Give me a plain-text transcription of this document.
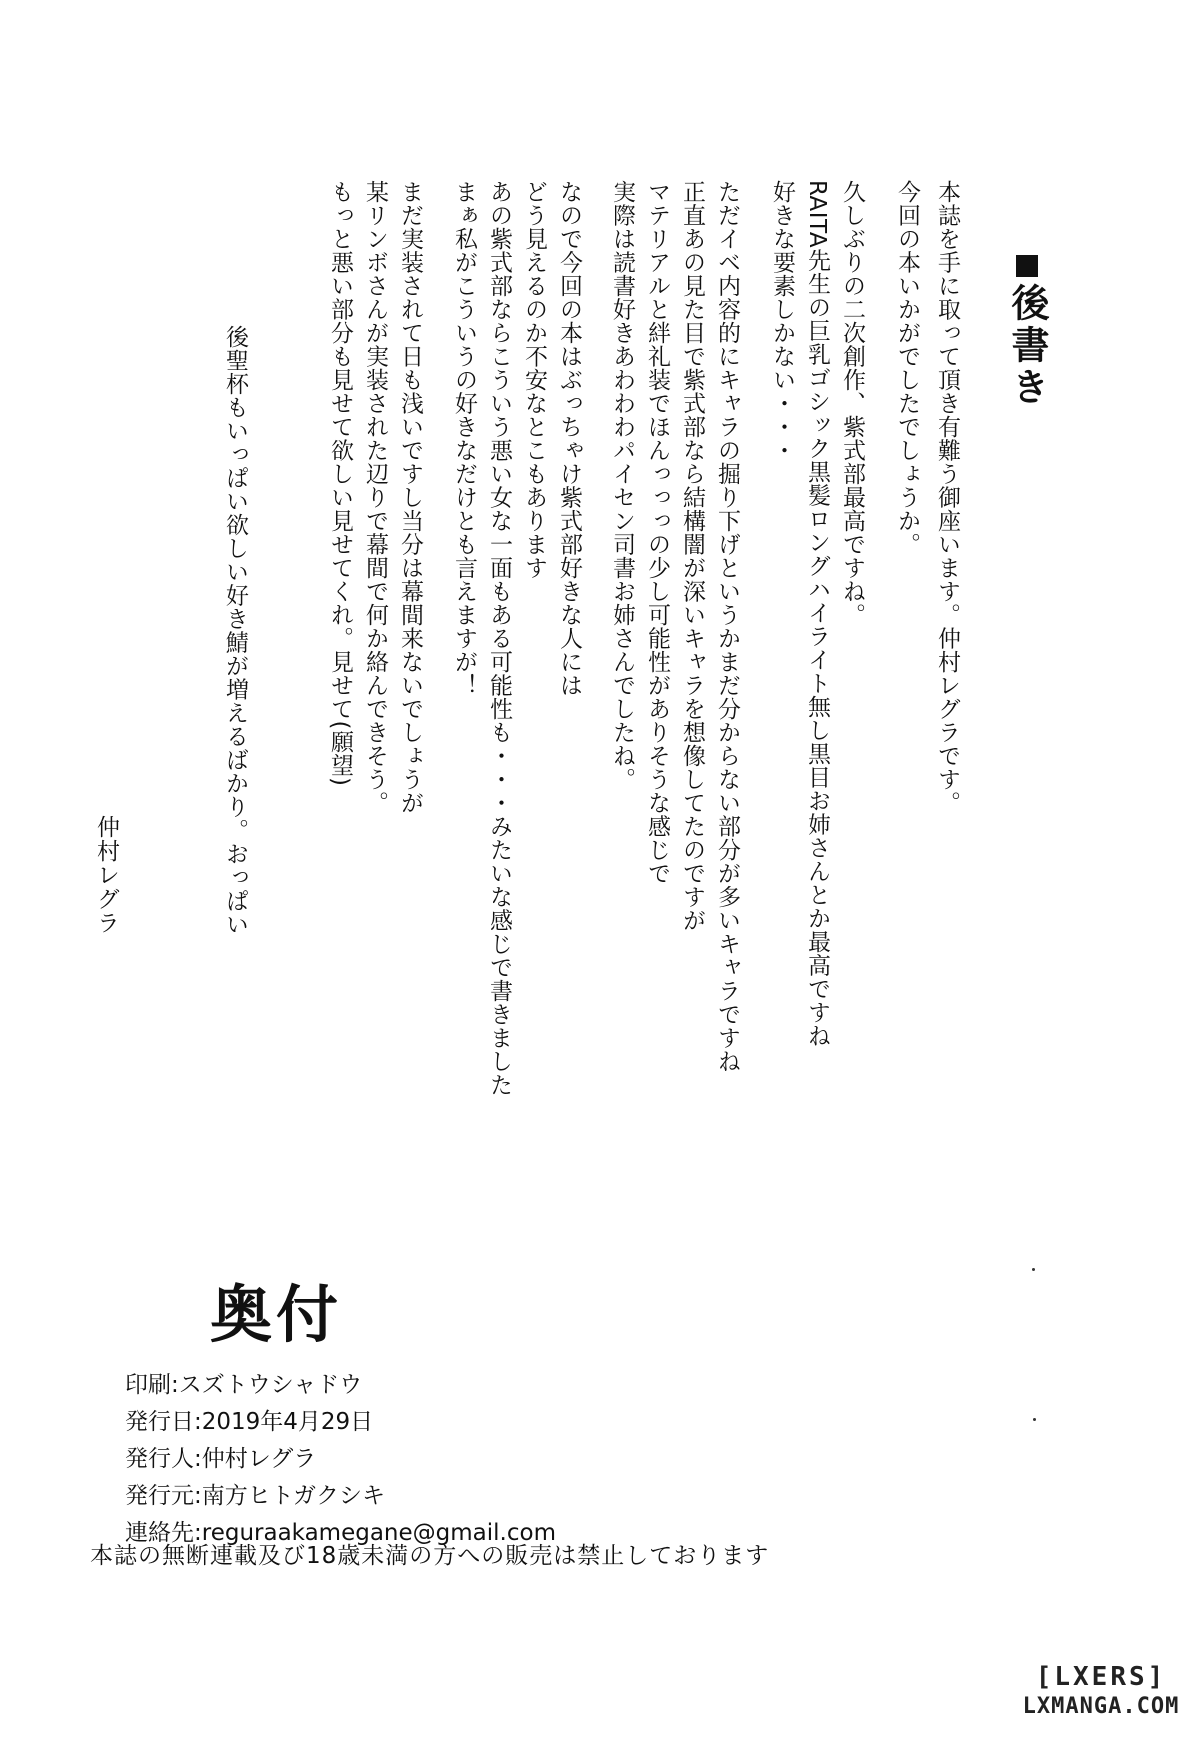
後書き
本誌を手に取って頂き有難う御座います。仲村レグラです。
今回の本いかがでしたでしょうか。
久しぶりの二次創作、紫式部最高ですね。
RAITA先生の巨乳ゴシック黒髪ロングハイライト無し黒目お姉さんとか最高ですね
好きな要素しかない・・・
ただイベ内容的にキャラの掘り下げというかまだ分からない部分が多いキャラですね
正直あの見た目で紫式部なら結構闇が深いキャラを想像してたのですが
マテリアルと絆礼装でほんっっっの少し可能性がありそうな感じで
実際は読書好きあわわわパイセン司書お姉さんでしたね。
なので今回の本はぶっちゃけ紫式部好きな人には
どう見えるのか不安なとこもあります
あの紫式部ならこういう悪い女な一面もある可能性も・・・みたいな感じで書きました
まぁ私がこういうの好きなだけとも言えますが！
まだ実装されて日も浅いですし当分は幕間来ないでしょうが
某リンボさんが実装された辺りで幕間で何か絡んできそう。
もっと悪い部分も見せて欲しい見せてくれ。見せて(願望)
後聖杯もいっぱい欲しい好き鯖が増えるばかり。おっぱい
仲村レグラ
奥付
印刷: スズトウシャドウ
発行日: 2019年4月29日
発行人: 仲村レグラ
発行元: 南方ヒトガクシキ
連絡先: reguraakamegane@gmail.com
本誌の無断連載及び18歳未満の方への販売は禁止しております
[LXERS]
LXMANGA.COM
